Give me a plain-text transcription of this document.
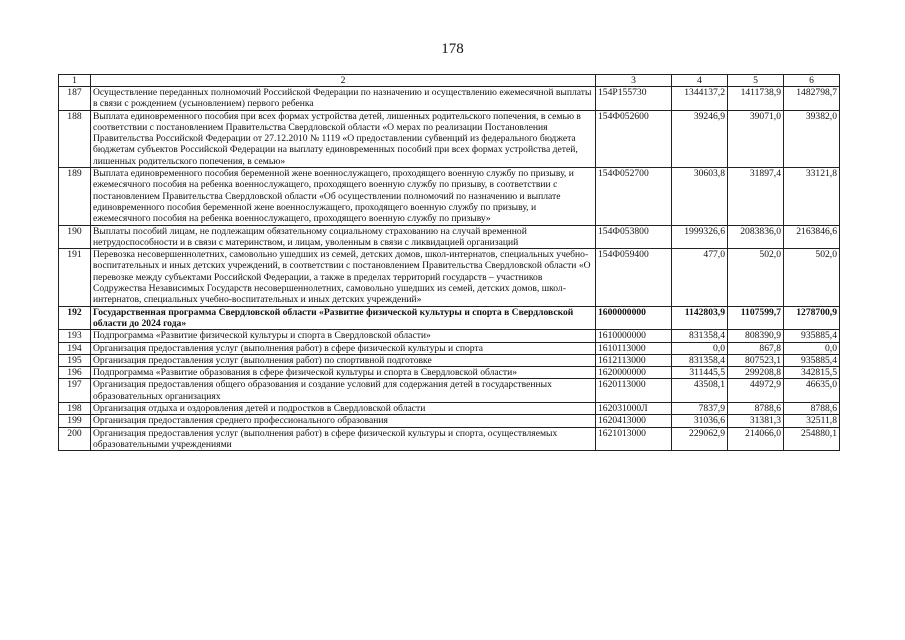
178
1	2	3	4	5	6
187	Осуществление переданных полномочий Российской Федерации по назначению и осуществлению ежемесячной выплаты в связи с рождением (усыновлением) первого ребенка	154P155730	1344137,2	1411738,9	1482798,7
188	Выплата единовременного пособия при всех формах устройства детей, лишенных родительского попечения, в семью в соответствии с постановлением Правительства Свердловской области «О мерах по реализации Постановления Правительства Российской Федерации от 27.12.2010 № 1119 «О предоставлении субвенций из федерального бюджета бюджетам субъектов Российской Федерации на выплату единовременных пособий при всех формах устройства детей, лишенных родительского попечения, в семью»	154Ф052600	39246,9	39071,0	39382,0
189	Выплата единовременного пособия беременной жене военнослужащего, проходящего военную службу по призыву, и ежемесячного пособия на ребенка военнослужащего, проходящего военную службу по призыву, в соответствии с постановлением Правительства Свердловской области «Об осуществлении полномочий по назначению и выплате единовременного пособия беременной жене военнослужащего, проходящего военную службу по призыву, и ежемесячного пособия на ребенка военнослужащего, проходящего военную службу по призыву»	154Ф052700	30603,8	31897,4	33121,8
190	Выплаты пособий лицам, не подлежащим обязательному социальному страхованию на случай временной нетрудоспособности и в связи с материнством, и лицам, уволенным в связи с ликвидацией организаций	154Ф053800	1999326,6	2083836,0	2163846,6
191	Перевозка несовершеннолетних, самовольно ушедших из семей, детских домов, школ-интернатов, специальных учебно-воспитательных и иных детских учреждений, в соответствии с постановлением Правительства Свердловской области «О перевозке между субъектами Российской Федерации, а также в пределах территорий государств – участников Содружества Независимых Государств несовершеннолетних, самовольно ушедших из семей, детских домов, школ-интернатов, специальных учебно-воспитательных и иных детских учреждений»	154Ф059400	477,0	502,0	502,0
192	Государственная программа Свердловской области «Развитие физической культуры и спорта в Свердловской области до 2024 года»	1600000000	1142803,9	1107599,7	1278700,9
193	Подпрограмма «Развитие физической культуры и спорта в Свердловской области»	1610000000	831358,4	808390,9	935885,4
194	Организация предоставления услуг (выполнения работ) в сфере физической культуры и спорта	1610113000	0,0	867,8	0,0
195	Организация предоставления услуг (выполнения работ) по спортивной подготовке	1612113000	831358,4	807523,1	935885,4
196	Подпрограмма «Развитие образования в сфере физической культуры и спорта в Свердловской области»	1620000000	311445,5	299208,8	342815,5
197	Организация предоставления общего образования и создание условий для содержания детей в государственных образовательных организациях	1620113000	43508,1	44972,9	46635,0
198	Организация отдыха и оздоровления детей и подростков в Свердловской области	162031000Л	7837,9	8788,6	8788,6
199	Организация предоставления среднего профессионального образования	1620413000	31036,6	31381,3	32511,8
200	Организация предоставления услуг (выполнения работ) в сфере физической культуры и спорта, осуществляемых образовательными учреждениями	1621013000	229062,9	214066,0	254880,1
